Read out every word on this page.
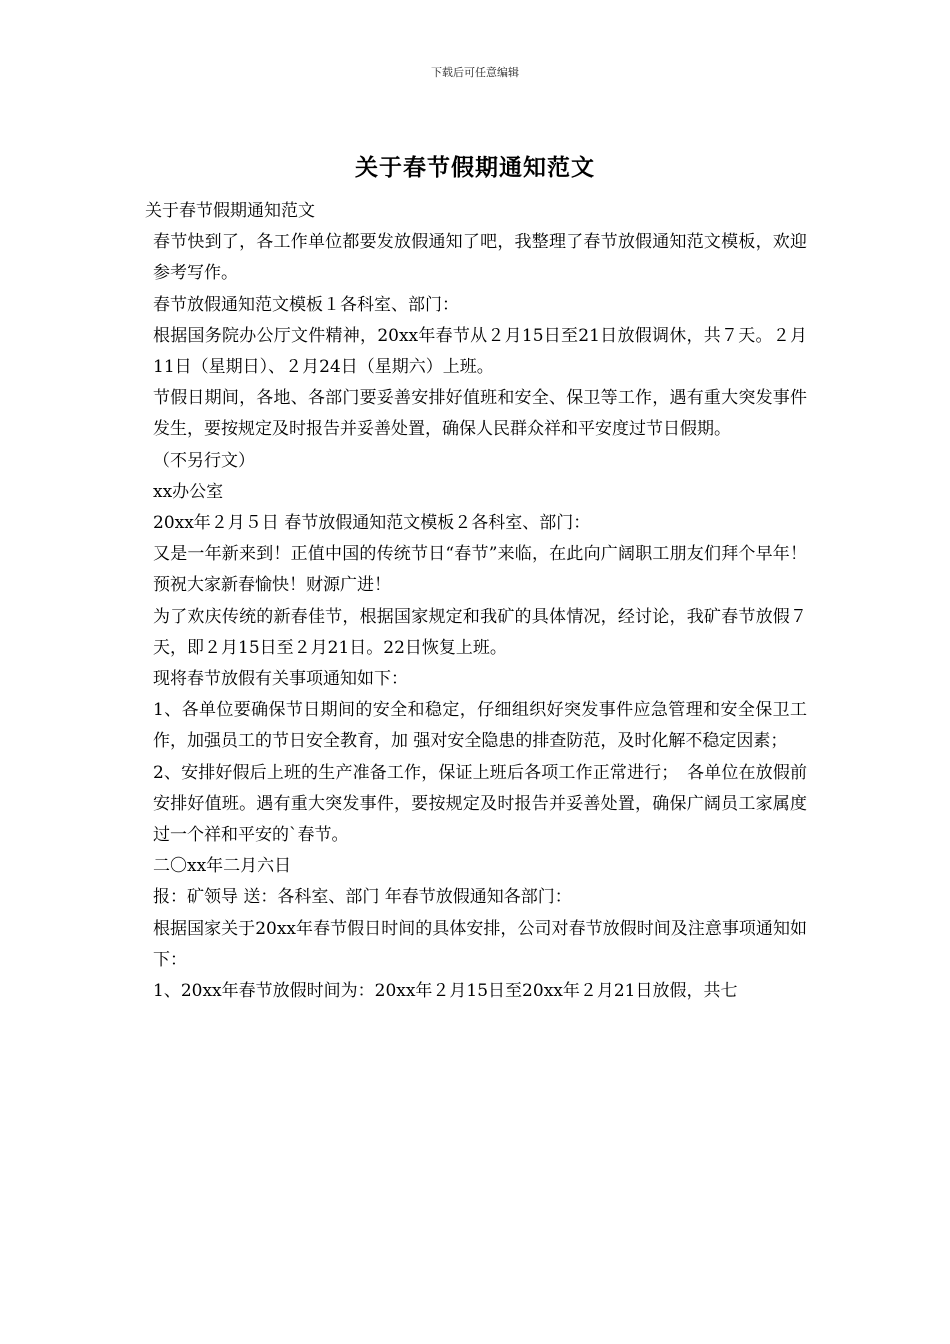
下载后可任意编辑
关于春节假期通知范文

关于春节假期通知范文

春节快到了，各工作单位都要发放假通知了吧，我整理了春节放假通知范文模板，欢迎参考写作。

春节放假通知范文模板１各科室、部门：

根据国务院办公厅文件精神，20xx年春节从２月15日至21日放假调休，共７天。２月11日（星期日）、２月24日（星期六）上班。

节假日期间，各地、各部门要妥善安排好值班和安全、保卫等工作，遇有重大突发事件发生，要按规定及时报告并妥善处置，确保人民群众祥和平安度过节日假期。

（不另行文）

xx办公室

20xx年２月５日 春节放假通知范文模板２各科室、部门：

又是一年新来到！正值中国的传统节日“春节”来临，在此向广阔职工朋友们拜个早年！预祝大家新春愉快！财源广进！

为了欢庆传统的新春佳节，根据国家规定和我矿的具体情况，经讨论，我矿春节放假７天，即２月15日至２月21日。22日恢复上班。

现将春节放假有关事项通知如下：

1、各单位要确保节日期间的安全和稳定，仔细组织好突发事件应急管理和安全保卫工作，加强员工的节日安全教育，加 强对安全隐患的排查防范，及时化解不稳定因素；

2、安排好假后上班的生产准备工作，保证上班后各项工作正常进行；　各单位在放假前安排好值班。遇有重大突发事件，要按规定及时报告并妥善处置，确保广阔员工家属度过一个祥和平安的`春节。

二〇xx年二月六日

报：矿领导 送：各科室、部门 年春节放假通知各部门：

根据国家关于20xx年春节假日时间的具体安排，公司对春节放假时间及注意事项通知如下：

1、20xx年春节放假时间为：20xx年２月15日至20xx年２月21日放假，共七
